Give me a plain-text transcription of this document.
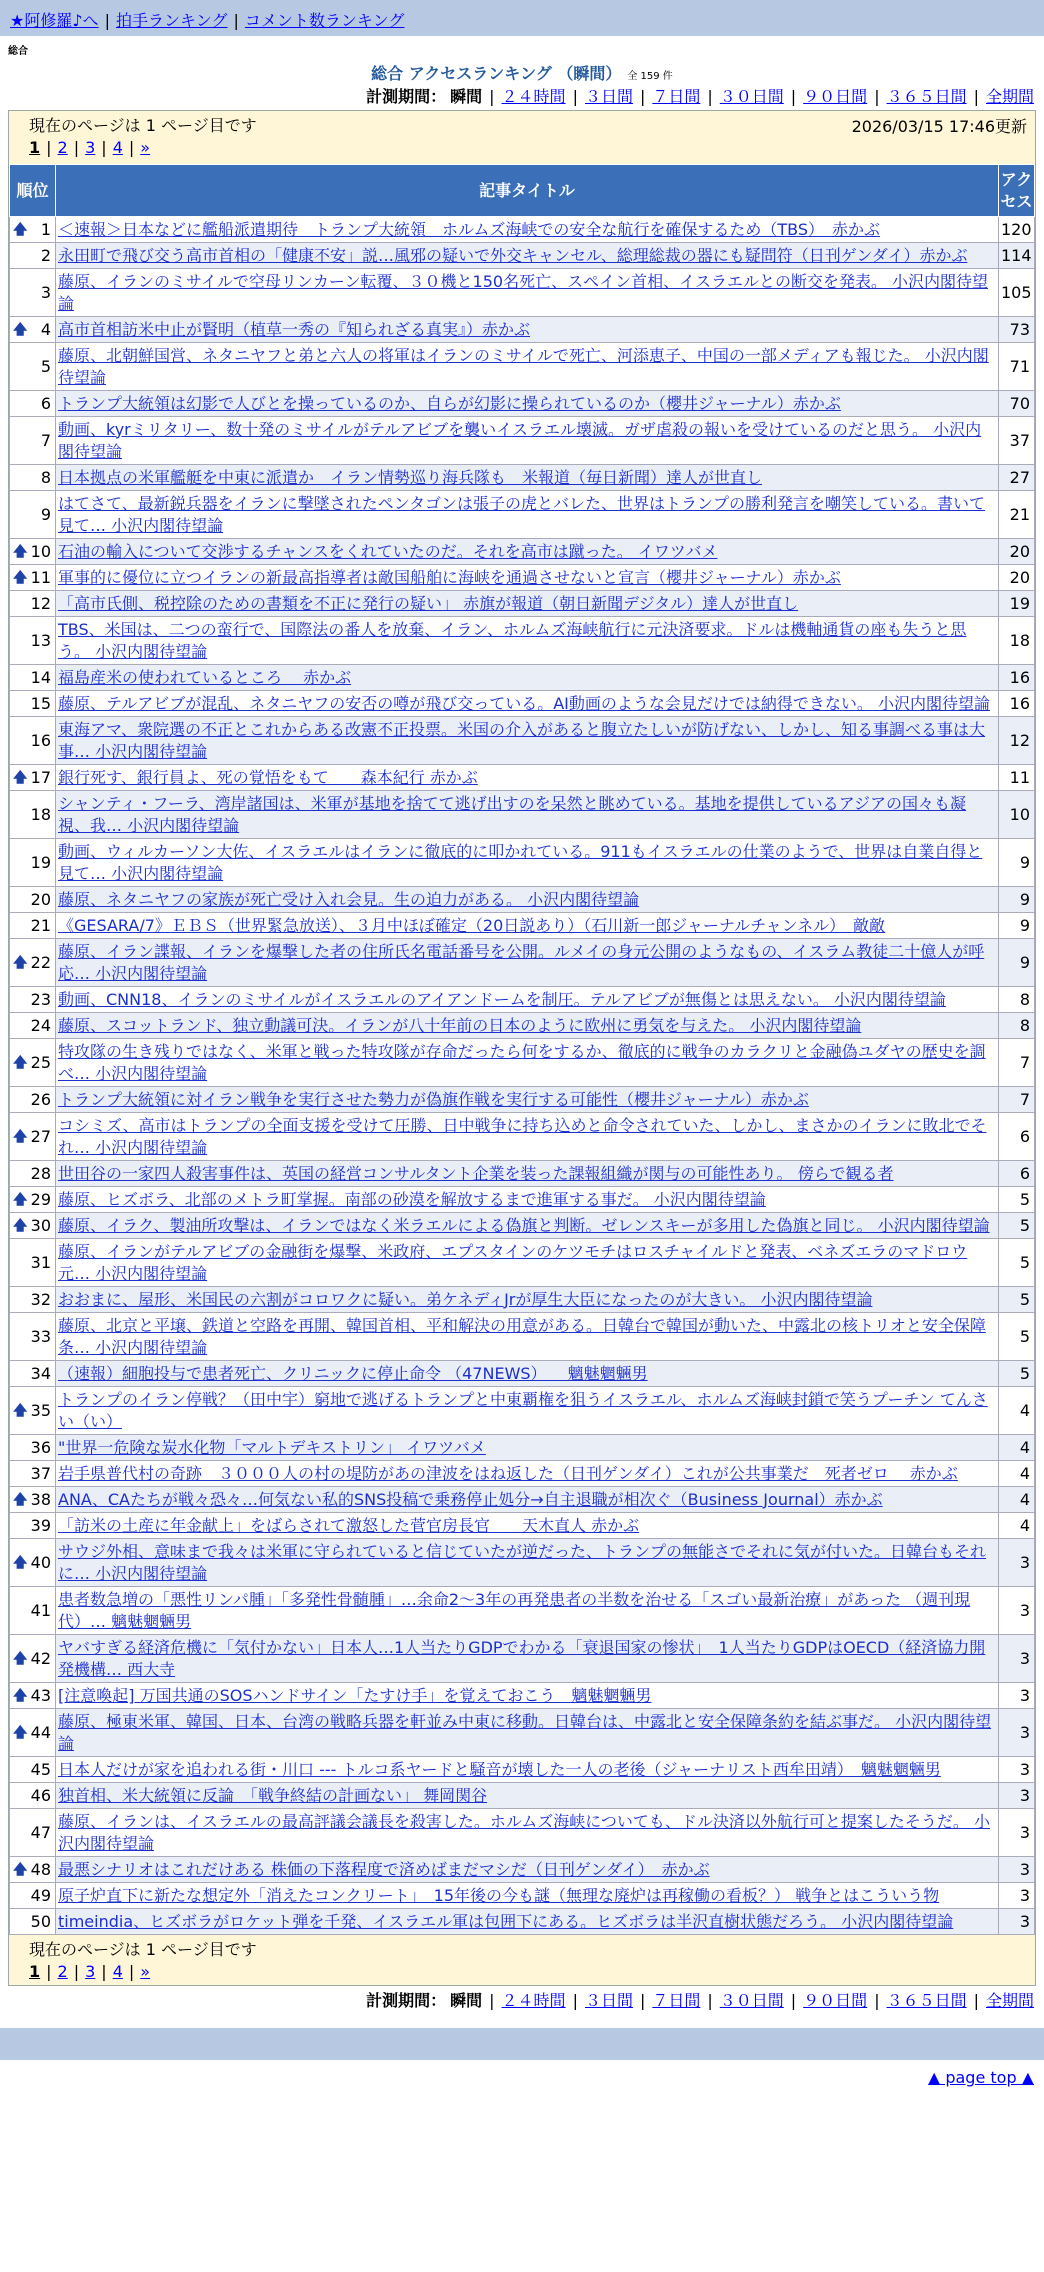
★阿修羅♪へ | 拍手ランキング | コメント数ランキング
総合
総合 アクセスランキング （瞬間） 全 159 件
計測期間： 瞬間 | ２４時間 | ３日間 | ７日間 | ３０日間 | ９０日間 | ３６５日間 | 全期間
現在のページは 1 ページ目です	2026/03/15 17:46更新
1 | 2 | 3 | 4 | »
順位	記事タイトル	アクセス

🡅 1	＜速報＞日本などに艦船派遣期待　トランプ大統領　ホルムズ海峡での安全な航行を確保するため（TBS）　赤かぶ	120
2	永田町で飛び交う高市首相の「健康不安」説…風邪の疑いで外交キャンセル、総理総裁の器にも疑問符（日刊ゲンダイ）赤かぶ	114
3	藤原、イランのミサイルで空母リンカーン転覆、３０機と150名死亡、スペイン首相、イスラエルとの断交を発表。 小沢内閣待望論	105

🡅 4	高市首相訪米中止が賢明（植草一秀の『知られざる真実』）赤かぶ	73
5	藤原、北朝鮮国営、ネタニヤフと弟と六人の将軍はイランのミサイルで死亡、河添恵子、中国の一部メディアも報じた。 小沢内閣待望論	71
6	トランプ大統領は幻影で人びとを操っているのか、自らが幻影に操られているのか（櫻井ジャーナル）赤かぶ	70
7	動画、kyrミリタリー、数十発のミサイルがテルアビブを襲いイスラエル壊滅。ガザ虐殺の報いを受けているのだと思う。 小沢内閣待望論	37
8	日本拠点の米軍艦艇を中東に派遣か　イラン情勢巡り海兵隊も　米報道（毎日新聞）達人が世直し	27
9	はてさて、最新鋭兵器をイランに撃墜されたペンタゴンは張子の虎とバレた、世界はトランプの勝利発言を嘲笑している。書いて見て… 小沢内閣待望論	21

🡅 10	石油の輸入について交渉するチャンスをくれていたのだ。それを高市は蹴った。 イワツバメ	20

🡅 11	軍事的に優位に立つイランの新最高指導者は敵国船舶に海峡を通過させないと宣言（櫻井ジャーナル）赤かぶ	20
12	「高市氏側、税控除のための書類を不正に発行の疑い」 赤旗が報道（朝日新聞デジタル）達人が世直し	19
13	TBS、米国は、二つの蛮行で、国際法の番人を放棄、イラン、ホルムズ海峡航行に元決済要求。ドルは機軸通貨の座も失うと思う。 小沢内閣待望論	18
14	福島産米の使われているところ　 赤かぶ	16
15	藤原、テルアビブが混乱、ネタニヤフの安否の噂が飛び交っている。AI動画のような会見だけでは納得できない。 小沢内閣待望論	16
16	東海アマ、衆院選の不正とこれからある改憲不正投票。米国の介入があると腹立たしいが防げない、しかし、知る事調べる事は大事… 小沢内閣待望論	12

🡅 17	銀行死す、銀行員よ、死の覚悟をもて　　森本紀行 赤かぶ	11
18	シャンティ・フーラ、湾岸諸国は、米軍が基地を捨てて逃げ出すのを呆然と眺めている。基地を提供しているアジアの国々も凝視、我… 小沢内閣待望論	10
19	動画、ウィルカーソン大佐、イスラエルはイランに徹底的に叩かれている。911もイスラエルの仕業のようで、世界は自業自得と見て… 小沢内閣待望論	9
20	藤原、ネタニヤフの家族が死亡受け入れ会見。生の迫力がある。 小沢内閣待望論	9
21	《GESARA/7》ＥＢＳ（世界緊急放送）、３月中ほぼ確定（20日説あり）（石川新一郎ジャーナルチャンネル）　敵敵	9

🡅 22	藤原、イラン諜報、イランを爆撃した者の住所氏名電話番号を公開。ルメイの身元公開のようなもの、イスラム教徒二十億人が呼応… 小沢内閣待望論	9
23	動画、CNN18、イランのミサイルがイスラエルのアイアンドームを制圧。テルアビブが無傷とは思えない。 小沢内閣待望論	8
24	藤原、スコットランド、独立動議可決。イランが八十年前の日本のように欧州に勇気を与えた。 小沢内閣待望論	8

🡅 25	特攻隊の生き残りではなく、米軍と戦った特攻隊が存命だったら何をするか、徹底的に戦争のカラクリと金融偽ユダヤの歴史を調べ… 小沢内閣待望論	7
26	トランプ大統領に対イラン戦争を実行させた勢力が偽旗作戦を実行する可能性（櫻井ジャーナル）赤かぶ	7

🡅 27	コシミズ、高市はトランプの全面支援を受けて圧勝、日中戦争に持ち込めと命令されていた、しかし、まさかのイランに敗北でそれ… 小沢内閣待望論	6
28	世田谷の一家四人殺害事件は、英国の経営コンサルタント企業を装った課報組織が関与の可能性あり。 傍らで観る者	6

🡅 29	藤原、ヒズボラ、北部のメトラ町掌握。南部の砂漠を解放するまで進軍する事だ。 小沢内閣待望論	5

🡅 30	藤原、イラク、製油所攻撃は、イランではなく米ラエルによる偽旗と判断。ゼレンスキーが多用した偽旗と同じ。 小沢内閣待望論	5
31	藤原、イランがテルアビブの金融街を爆撃、米政府、エプスタインのケツモチはロスチャイルドと発表、ベネズエラのマドロウ元… 小沢内閣待望論	5
32	おおまに、屋形、米国民の六割がコロワクに疑い。弟ケネディJrが厚生大臣になったのが大きい。 小沢内閣待望論	5
33	藤原、北京と平壌、鉄道と空路を再開、韓国首相、平和解決の用意がある。日韓台で韓国が動いた、中露北の核トリオと安全保障条… 小沢内閣待望論	5
34	（速報）細胞投与で患者死亡、クリニックに停止命令 （47NEWS） 　魑魅魍魎男	5

🡅 35	トランプのイラン停戦？（田中宇）窮地で逃げるトランプと中東覇権を狙うイスラエル、ホルムズ海峡封鎖で笑うプーチン てんさい（い）	4
36	"世界一危険な炭水化物「マルトデキストリン」 イワツバメ	4
37	岩手県普代村の奇跡　３０００人の村の堤防があの津波をはね返した（日刊ゲンダイ）これが公共事業だ　死者ゼロ　 赤かぶ	4

🡅 38	ANA、CAたちが戦々恐々…何気ない私的SNS投稿で乗務停止処分→自主退職が相次ぐ（Business Journal）赤かぶ	4
39	「訪米の土産に年金献上」をばらされて激怒した菅官房長官　　天木直人 赤かぶ	4

🡅 40	サウジ外相、意味まで我々は米軍に守られていると信じていたが逆だった、トランプの無能さでそれに気が付いた。日韓台もそれに… 小沢内閣待望論	3
41	患者数急増の「悪性リンパ腫」「多発性骨髄腫」…余命2～3年の再発患者の半数を治せる「スゴい最新治療」があった （週刊現代）… 魑魅魍魎男	3

🡅 42	ヤバすぎる経済危機に「気付かない」日本人…1人当たりGDPでわかる「衰退国家の惨状」　1人当たりGDPはOECD（経済協力開発機構… 西大寺	3

🡅 43	[注意喚起] 万国共通のSOSハンドサイン「たすけ手」を覚えておこう　魑魅魍魎男	3

🡅 44	藤原、極東米軍、韓国、日本、台湾の戦略兵器を軒並み中東に移動。日韓台は、中露北と安全保障条約を結ぶ事だ。 小沢内閣待望論	3
45	日本人だけが家を追われる街・川口 --- トルコ系ヤードと騒音が壊した一人の老後（ジャーナリスト西牟田靖）　魑魅魍魎男	3
46	独首相、米大統領に反論　「戦争終結の計画ない」 舞岡関谷	3
47	藤原、イランは、イスラエルの最高評議会議長を殺害した。ホルムズ海峡についても、ドル決済以外航行可と提案したそうだ。 小沢内閣待望論	3

🡅 48	最悪シナリオはこれだけある 株価の下落程度で済めばまだマシだ（日刊ゲンダイ）　赤かぶ	3
49	原子炉直下に新たな想定外「消えたコンクリート」　15年後の今も謎（無理な廃炉は再稼働の看板？） 戦争とはこういう物	3
50	timeindia、ヒズボラがロケット弾を千発、イスラエル軍は包囲下にある。ヒズボラは半沢直樹状態だろう。 小沢内閣待望論	3
現在のページは 1 ページ目です
1 | 2 | 3 | 4 | »
計測期間： 瞬間 | ２４時間 | ３日間 | ７日間 | ３０日間 | ９０日間 | ３６５日間 | 全期間
▲ page top ▲
